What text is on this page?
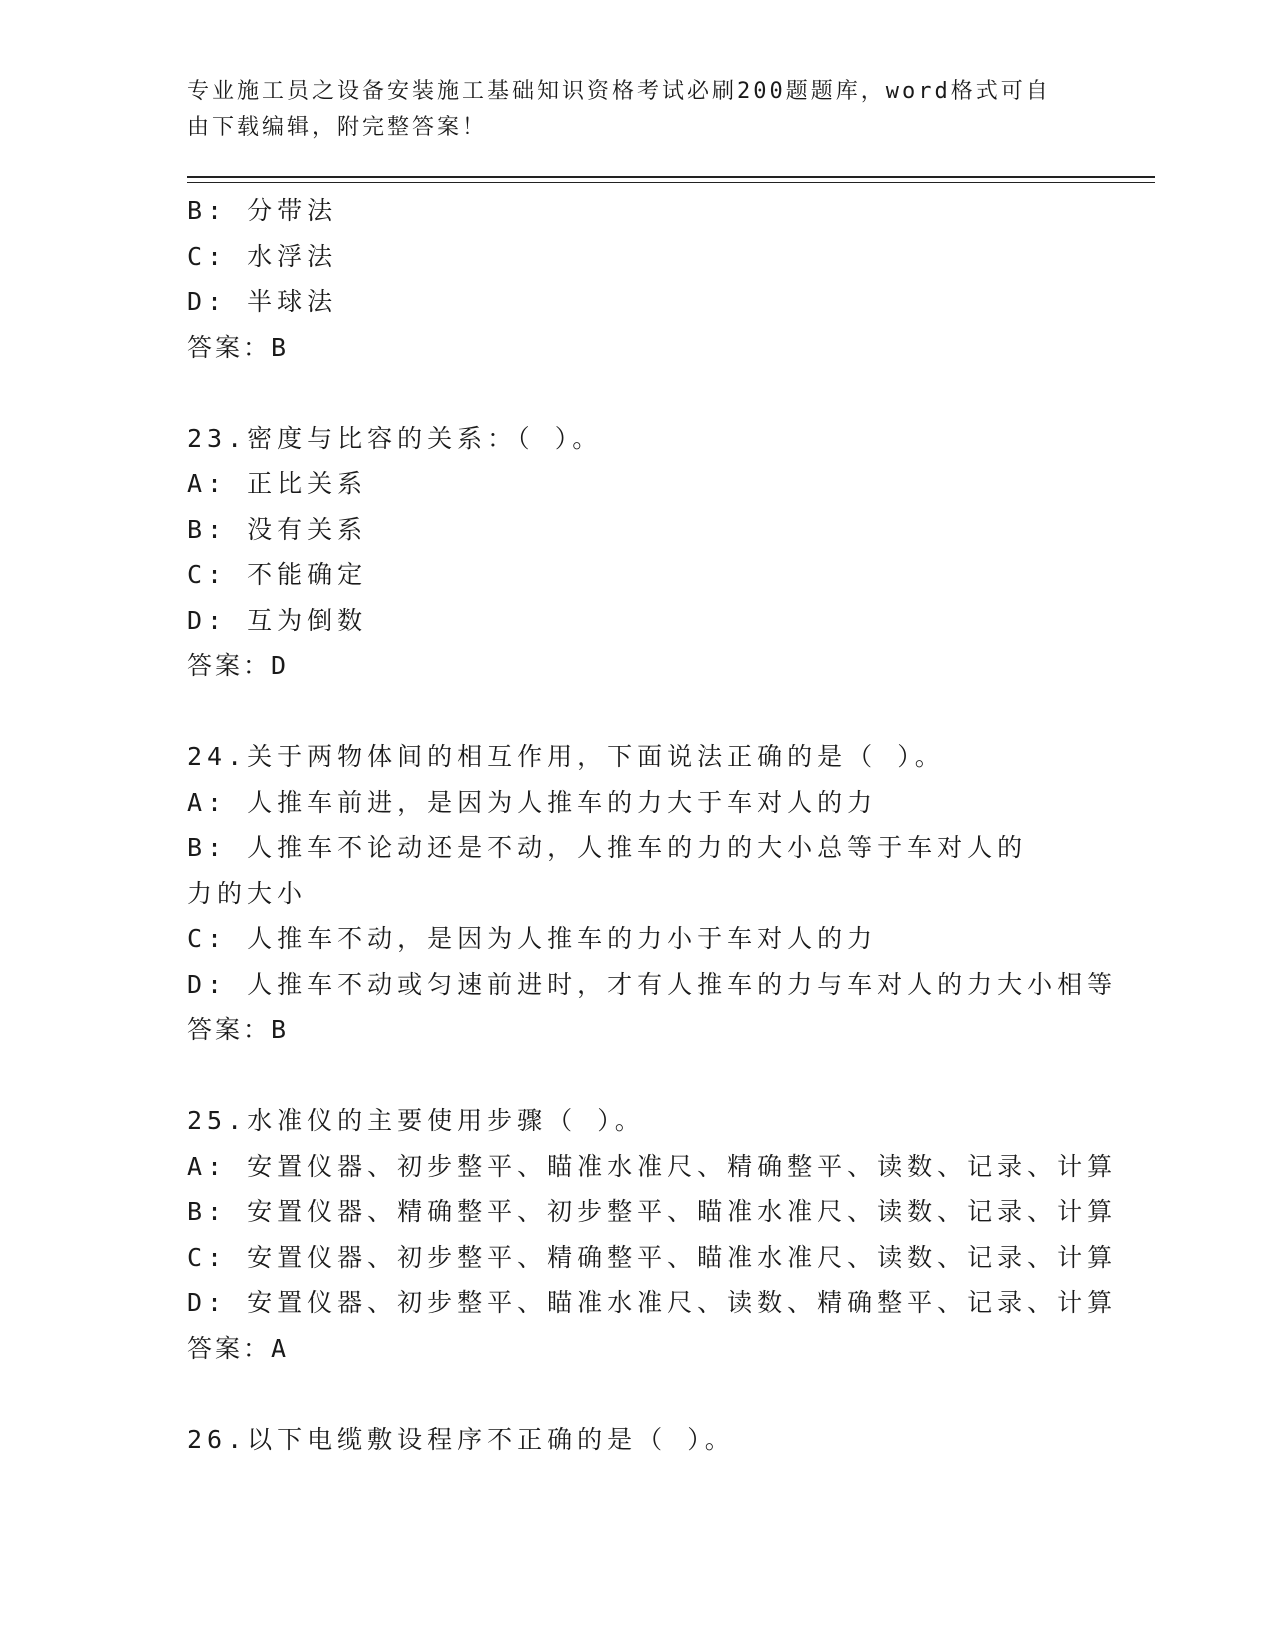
专业施工员之设备安装施工基础知识资格考试必刷200题题库，word格式可自由下载编辑，附完整答案！
B: 分带法
C: 水浮法
D: 半球法
答案：B
23.密度与比容的关系：（ ）。
A: 正比关系
B: 没有关系
C: 不能确定
D: 互为倒数
答案：D
24.关于两物体间的相互作用，下面说法正确的是（ ）。
A: 人推车前进，是因为人推车的力大于车对人的力
B: 人推车不论动还是不动，人推车的力的大小总等于车对人的力的大小
C: 人推车不动，是因为人推车的力小于车对人的力
D: 人推车不动或匀速前进时，才有人推车的力与车对人的力大小相等
答案：B
25.水准仪的主要使用步骤（ ）。
A: 安置仪器、初步整平、瞄准水准尺、精确整平、读数、记录、计算
B: 安置仪器、精确整平、初步整平、瞄准水准尺、读数、记录、计算
C: 安置仪器、初步整平、精确整平、瞄准水准尺、读数、记录、计算
D: 安置仪器、初步整平、瞄准水准尺、读数、精确整平、记录、计算
答案：A
26.以下电缆敷设程序不正确的是（ ）。
